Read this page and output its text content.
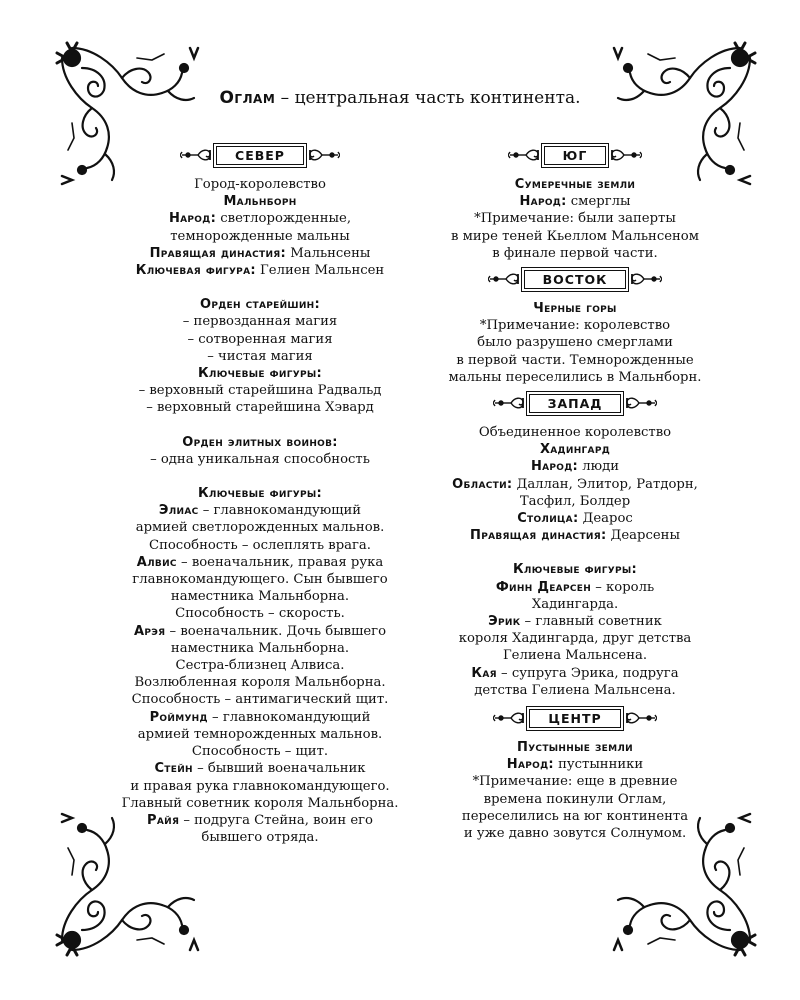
Оглам – центральная часть континента.
СЕВЕР

Город-королевство

Мальнборн

Народ: светлорожденные,

темнорожденные мальны

Правящая династия: Мальнсены

Ключевая фигура: Гелиен Мальнсен

Орден старейшин:

– первозданная магия

– сотворенная магия

– чистая магия

Ключевые фигуры:

– верховный старейшина Радвальд

– верховный старейшина Хэвард

Орден элитных воинов:

– одна уникальная способность

Ключевые фигуры:

Элиас – главнокомандующий

армией светлорожденных мальнов.

Способность – ослеплять врага.

Алвис – военачальник, правая рука

главнокомандующего. Сын бывшего

наместника Мальнборна.

Способность – скорость.

Арэя – военачальник. Дочь бывшего

наместника Мальнборна.

Сестра-близнец Алвиса.

Возлюбленная короля Мальнборна.

Способность – антимагический щит.

Роймунд – главнокомандующий

армией темнорожденных мальнов.

Способность – щит.

Стейн – бывший военачальник

и правая рука главнокомандующего.

Главный советник короля Мальнборна.

Райя – подруга Стейна, воин его

бывшего отряда.

ЮГ

Сумеречные земли

Народ: смерглы

*Примечание: были заперты

в мире теней Кьеллом Мальнсеном

в финале первой части.

ВОСТОК

Черные горы

*Примечание: королевство

было разрушено смерглами

в первой части. Темнорожденные

мальны переселились в Мальнборн.

ЗАПАД

Объединенное королевство

Хадингард

Народ: люди

Области: Даллан, Элитор, Ратдорн,

Тасфил, Болдер

Столица: Деарос

Правящая династия: Деарсены

Ключевые фигуры:

Финн Деарсен – король

Хадингарда.

Эрик – главный советник

короля Хадингарда, друг детства

Гелиена Мальнсена.

Кая – супруга Эрика, подруга

детства Гелиена Мальнсена.

ЦЕНТР

Пустынные земли

Народ: пустынники

*Примечание: еще в древние

времена покинули Оглам,

переселились на юг континента

и уже давно зовутся Солнумом.
